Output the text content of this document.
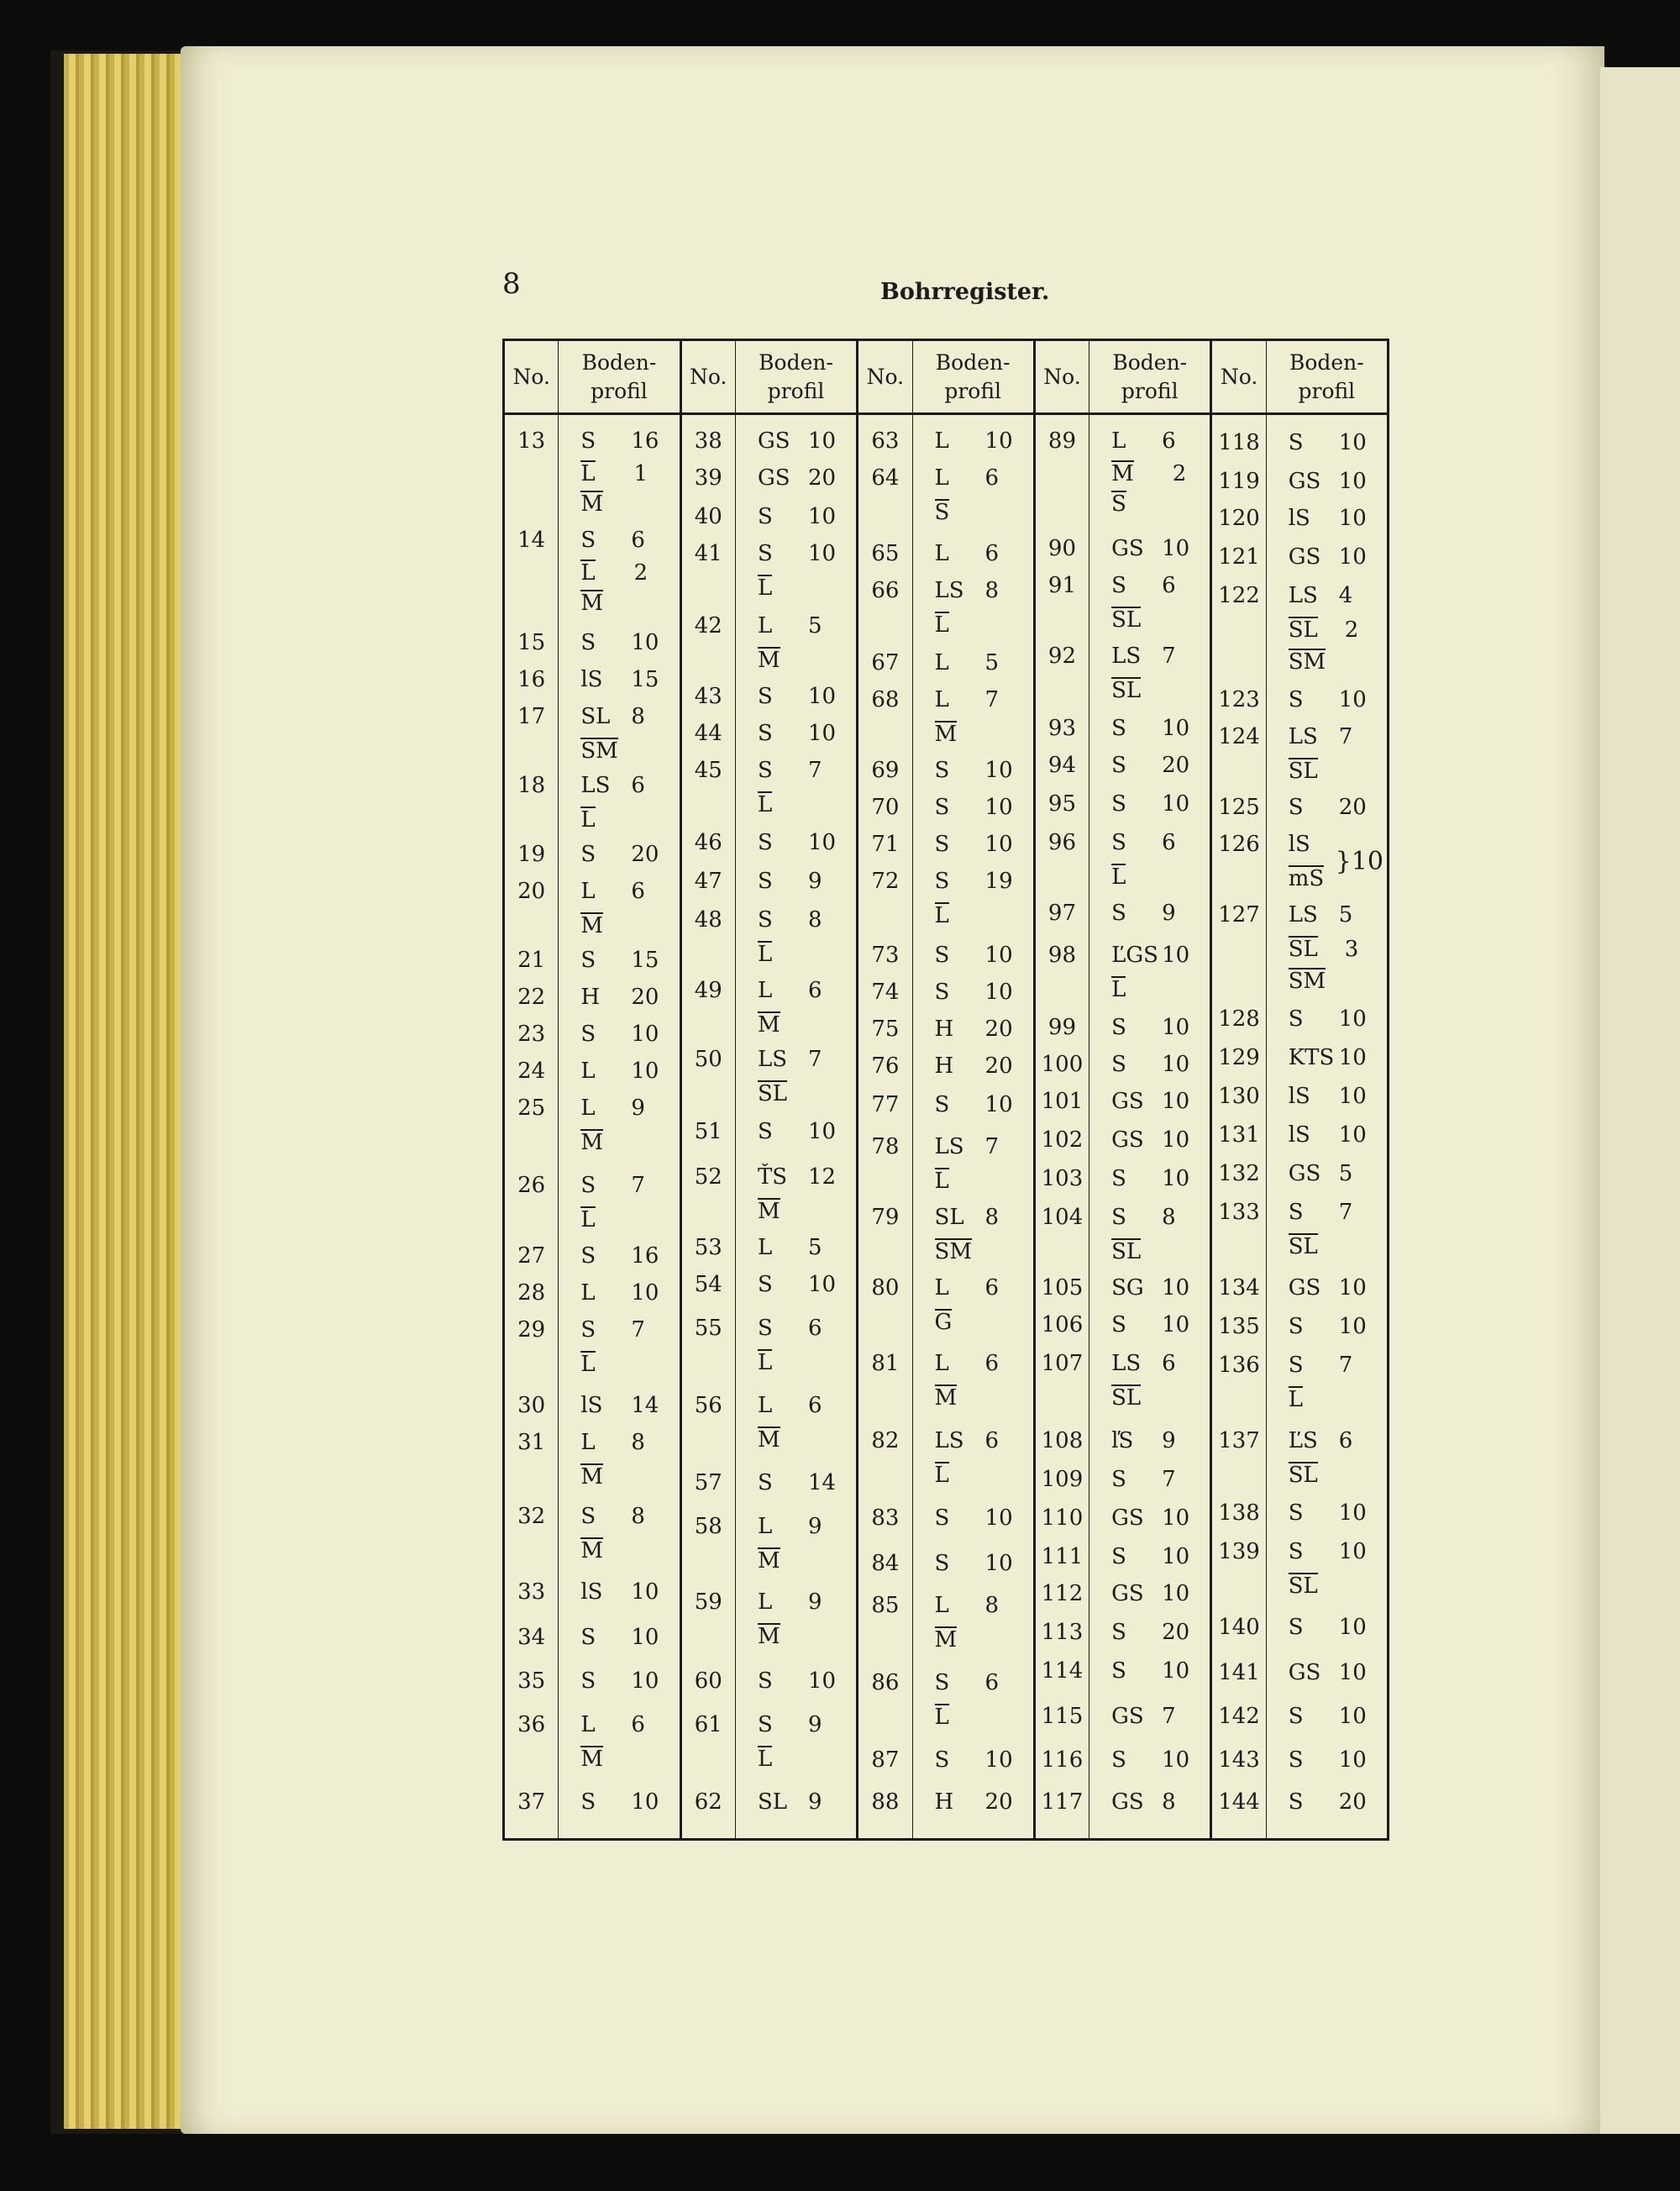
8	Bohrregister.
No.
13
14
15
16
17
18
19
20
21
22
23
24
25
26
27
28
29
30
31
32
33
34
35
36
37
Boden-
profil
S 16
L 1
M
S 6
L 2
M
S 10
lS 15
SL 8
SM
LS 6
L
S 20
L 6
M
S 15
H 20
S 10
L 10
L 9
M
S 7
L
S 16
L 10
S 7
L
lS 14
L 8
M
S 8
M
lS 10
S 10
S 10
L 6
M
S 10
No.
38
39
40
41
42
43
44
45
46
47
48
49
50
51
52
53
54
55
56
57
58
59
60
61
62
Boden-
profil
GS 10
GS 20
S 10
S 10
L
L 5
M
S 10
S 10
S 7
L
S 10
S 9
S 8
L
L 6
M
LS 7
SL
S 10
ŤS 12
M
L 5
S 10
S 6
L
L 6
M
S 14
L 9
M
L 9
M
S 10
S 9
L
SL 9
No.
63
64
65
66
67
68
69
70
71
72
73
74
75
76
77
78
79
80
81
82
83
84
85
86
87
88
Boden-
profil
L 10
L 6
S
L 6
LS 8
L
L 5
L 7
M
S 10
S 10
S 10
S 19
L
S 10
S 10
H 20
H 20
S 10
LS 7
L
SL 8
SM
L 6
G
L 6
M
LS 6
L
S 10
S 10
L 8
M
S 6
L
S 10
H 20
No.
89
90
91
92
93
94
95
96
97
98
99
100
101
102
103
104
105
106
107
108
109
110
111
112
113
114
115
116
117
Boden-
profil
L 6
M 2
S
GS 10
S 6
SL
LS 7
SL
S 10
S 20
S 10
S 6
L
S 9
ĽGS 10
L
S 10
S 10
GS 10
GS 10
S 10
S 8
SL
SG 10
S 10
LS 6
SL
ľS 9
S 7
GS 10
S 10
GS 10
S 20
S 10
GS 7
S 10
GS 8
No.
118
119
120
121
122
123
124
125
126
127
128
129
130
131
132
133
134
135
136
137
138
139
140
141
142
143
144
Boden-
profil
S 10
GS 10
lS 10
GS 10
LS 4
SL 2
SM
S 10
LS 7
SL
S 20
lS
mS
}10
LS 5
SL 3
SM
S 10
KTS 10
lS 10
lS 10
GS 5
S 7
SL
GS 10
S 10
S 7
L
ĽS 6
SL
S 10
S 10
SL
S 10
GS 10
S 10
S 10
S 20
